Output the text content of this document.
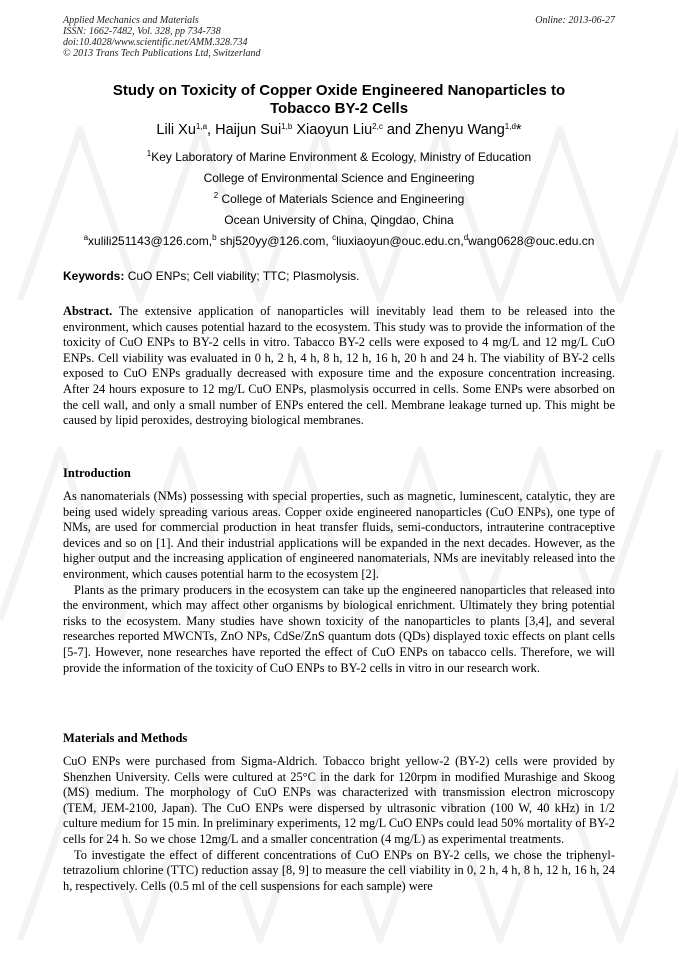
Applied Mechanics and Materials
ISSN: 1662-7482, Vol. 328, pp 734-738
doi:10.4028/www.scientific.net/AMM.328.734
© 2013 Trans Tech Publications Ltd, Switzerland
Online: 2013-06-27
Study on Toxicity of Copper Oxide Engineered Nanoparticles to
Tobacco BY-2 Cells
Lili Xu$^{1,a}$, Haijun Sui$^{1,b}$ Xiaoyun Liu$^{2,c}$ and Zhenyu Wang$^{1,d}$*
$^1$Key Laboratory of Marine Environment & Ecology, Ministry of Education
College of Environmental Science and Engineering
$^2$ College of Materials Science and Engineering
Ocean University of China, Qingdao, China
$^a$xulili251143@126.com,$^b$ shj520yy@126.com, $^c$liuxiaoyun@ouc.edu.cn,$^d$wang0628@ouc.edu.cn
Keywords: CuO ENPs; Cell viability; TTC; Plasmolysis.

Abstract. The extensive application of nanoparticles will inevitably lead them to be released into the environment, which causes potential hazard to the ecosystem. This study was to provide the information of the toxicity of CuO ENPs to BY-2 cells in vitro. Tabacco BY-2 cells were exposed to 4 mg/L and 12 mg/L CuO ENPs. Cell viability was evaluated in 0 h, 2 h, 4 h, 8 h, 12 h, 16 h, 20 h and 24 h. The viability of BY-2 cells exposed to CuO ENPs gradually decreased with exposure time and the exposure concentration increasing. After 24 hours exposure to 12 mg/L CuO ENPs, plasmolysis occurred in cells. Some ENPs were absorbed on the cell wall, and only a small number of ENPs entered the cell. Membrane leakage turned up. This might be caused by lipid peroxides, destroying biological membranes.

Introduction

As nanomaterials (NMs) possessing with special properties, such as magnetic, luminescent, catalytic, they are being used widely spreading various areas. Copper oxide engineered nanoparticles (CuO ENPs), one type of NMs, are used for commercial production in heat transfer fluids, semi-conductors, intrauterine contraceptive devices and so on [1]. And their industrial applications will be expanded in the next decades. However, as the higher output and the increasing application of engineered nanomaterials, NMs are inevitably released into the environment, which causes potential harm to the ecosystem [2].

Plants as the primary producers in the ecosystem can take up the engineered nanoparticles that released into the environment, which may affect other organisms by biological enrichment. Ultimately they bring potential risks to the ecosystem. Many studies have shown toxicity of the nanoparticles to plants [3,4], and several researches reported MWCNTs, ZnO NPs, CdSe/ZnS quantum dots (QDs) displayed toxic effects on plant cells [5-7]. However, none researches have reported the effect of CuO ENPs on tabacco cells. Therefore, we will provide the information of the toxicity of CuO ENPs to BY-2 cells in vitro in our research work.

Materials and Methods

CuO ENPs were purchased from Sigma-Aldrich. Tobacco bright yellow-2 (BY-2) cells were provided by Shenzhen University. Cells were cultured at 25°C in the dark for 120rpm in modified Murashige and Skoog (MS) medium. The morphology of CuO ENPs was characterized with transmission electron microscopy (TEM, JEM-2100, Japan). The CuO ENPs were dispersed by ultrasonic vibration (100 W, 40 kHz) in 1/2 culture medium for 15 min. In preliminary experiments, 12 mg/L CuO ENPs could lead 50% mortality of BY-2 cells for 24 h. So we chose 12mg/L and a smaller concentration (4 mg/L) as experimental treatments.

To investigate the effect of different concentrations of CuO ENPs on BY-2 cells, we chose the triphenyl-tetrazolium chlorine (TTC) reduction assay [8, 9] to measure the cell viability in 0, 2 h, 4 h, 8 h, 12 h, 16 h, 24 h, respectively. Cells (0.5 ml of the cell suspensions for each sample) were
